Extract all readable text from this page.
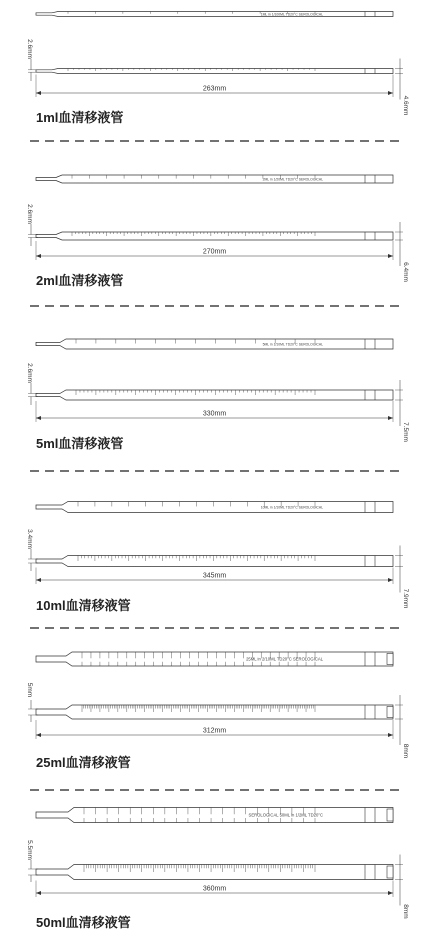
1ML in 1/100ML TD20°C SEROLOGICAL
2.6mm
263mm
4.6mm
2ML in 1/20ML TD20°C SEROLOGICAL
2.6mm
270mm
6.4mm
5ML in 1/10ML TD20°C SEROLOGICAL
2.6mm
330mm
7.5mm
10ML in 1/10ML TD20°C SEROLOGICAL
3.4mm
345mm
7.9mm
25ML in 2/10ML TD20°C SEROLOGICAL
5mm
312mm
8mm
SEROLOGICAL 50ML in 1/2ML TD20°C
5.5mm
360mm
8mm
1ml血清移液管
2ml血清移液管
5ml血清移液管
10ml血清移液管
25ml血清移液管
50ml血清移液管
